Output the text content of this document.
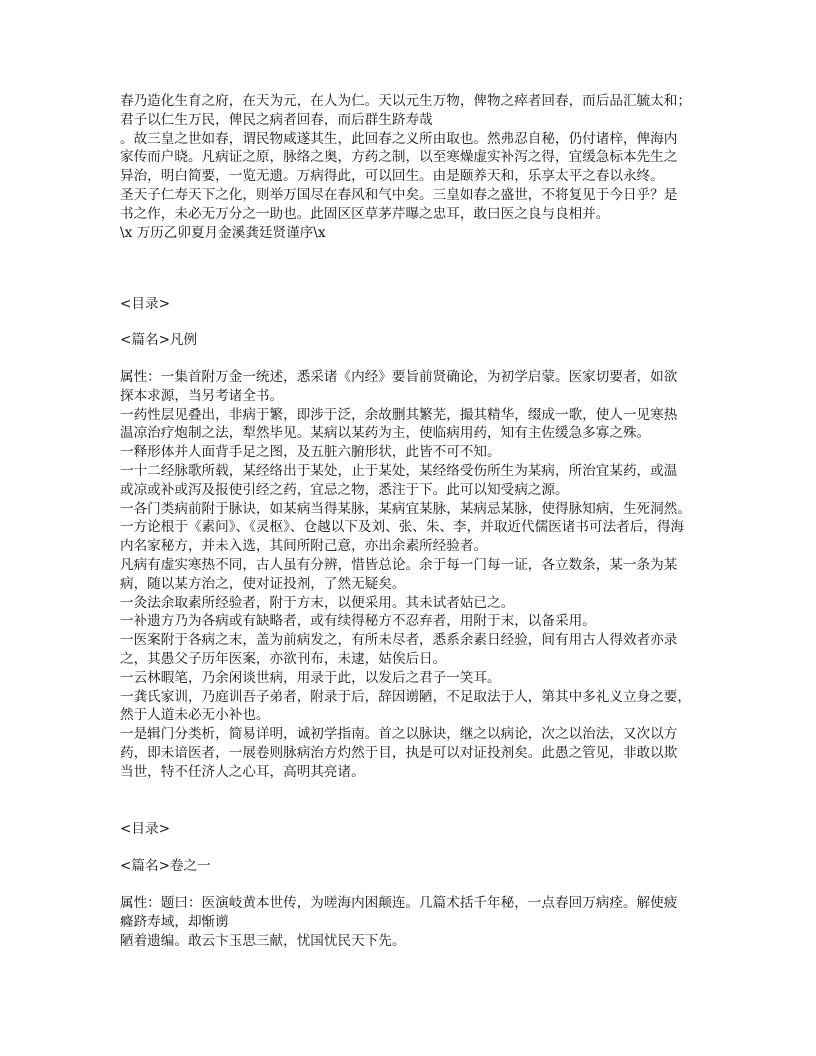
春乃造化生育之府，在天为元，在人为仁。天以元生万物，俾物之瘁者回春，而后品汇毓太和；
君子以仁生万民，俾民之病者回春，而后群生跻寿哉
。故三皇之世如春，谓民物咸遂其生，此回春之义所由取也。然弗忍自秘，仍付诸梓，俾海内
家传而户晓。凡病证之原，脉络之奥，方药之制，以至寒燥虚实补泻之得，宜缓急标本先生之
异治，明白简要，一览无遗。万病得此，可以回生。由是颐养天和，乐享太平之春以永终。
圣天子仁寿天下之化，则举万国尽在春风和气中矣。三皇如春之盛世，不将复见于今日乎？是
书之作，未必无万分之一助也。此固区区草茅芹曝之忠耳，敢曰医之良与良相并。
\x 万历乙卯夏月金溪龚廷贤谨序\x
<目录>
<篇名>凡例
属性：一集首附万金一统述，悉采诸《内经》要旨前贤确论，为初学启蒙。医家切要者，如欲
探本求源，当另考诸全书。
一药性层见叠出，非病于繁，即涉于泛，余故删其繁芜，撮其精华，缀成一歌，使人一见寒热
温凉治疗炮制之法，犁然毕见。某病以某药为主，使临病用药，知有主佐缓急多寡之殊。
一释形体并人面背手足之图，及五脏六腑形状，此皆不可不知。
一十二经脉歌所载，某经络出于某处，止于某处，某经络受伤所生为某病，所治宜某药，或温
或凉或补或泻及报使引经之药，宜忌之物，悉注于下。此可以知受病之源。
一各门类病前附于脉诀，如某病当得某脉，某病宜某脉，某病忌某脉，使得脉知病，生死洞然。
一方论根于《素问》、《灵枢》、仓越以下及刘、张、朱、李，并取近代儒医诸书可法者后，得海
内名家秘方，并未入选，其间所附己意，亦出余素所经验者。
凡病有虚实寒热不同，古人虽有分辨，惜皆总论。余于每一门每一证，各立数条，某一条为某
病，随以某方治之，使对证投剂，了然无疑矣。
一灸法余取素所经验者，附于方末，以便采用。其未试者姑已之。
一补遗方乃为各病或有缺略者，或有续得秘方不忍弃者，用附于末，以备采用。
一医案附于各病之末，盖为前病发之，有所未尽者，悉系余素日经验，间有用古人得效者亦录
之，其愚父子历年医案，亦欲刊布，未逮，姑俟后日。
一云林暇笔，乃余闲谈世病，用录于此，以发后之君子一笑耳。
一龚氏家训，乃庭训吾子弟者，附录于后，辞因谫陋，不足取法于人，第其中多礼义立身之要，
然于人道未必无小补也。
一是辑门分类析，简易详明，诚初学指南。首之以脉诀，继之以病论，次之以治法，又次以方
药，即未谙医者，一展卷则脉病治方灼然于目，执是可以对证投剂矣。此愚之管见，非敢以欺
当世，特不任济人之心耳，高明其亮诸。
<目录>
<篇名>卷之一
属性：题曰：医演岐黄本世传，为嗟海内困颠连。几篇术括千年秘，一点春回万病痊。解使疲
癃跻寿域，却惭谫
陋着遗编。敢云卞玉思三献，忧国忧民天下先。
